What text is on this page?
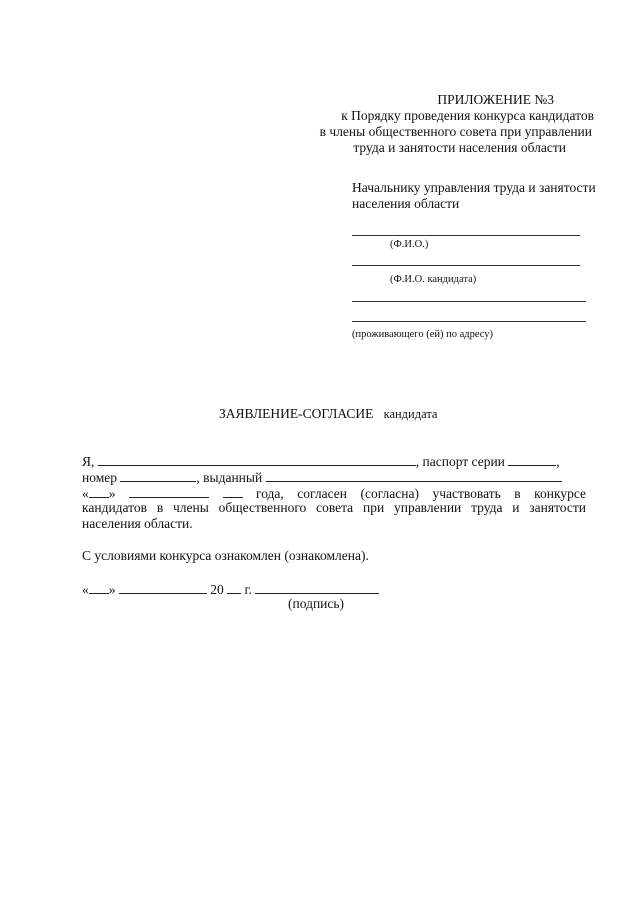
ПРИЛОЖЕНИЕ №3
к Порядку проведения конкурса кандидатов
в члены общественного совета при управлении
труда и занятости населения области
Начальнику управления труда и занятости
населения области
(Ф.И.О.)
(Ф.И.О. кандидата)
(проживающего (ей) по адресу)
ЗАЯВЛЕНИЕ-СОГЛАСИЕ кандидата
Я,	, паспорт серии	,
номер	, выданный
« »	года, согласен (согласна) участвовать в конкурсе
кандидатов в члены общественного совета при управлении труда и занятости
населения области.
С условиями конкурса ознакомлен (ознакомлена).
« »	20 г.
(подпись)
